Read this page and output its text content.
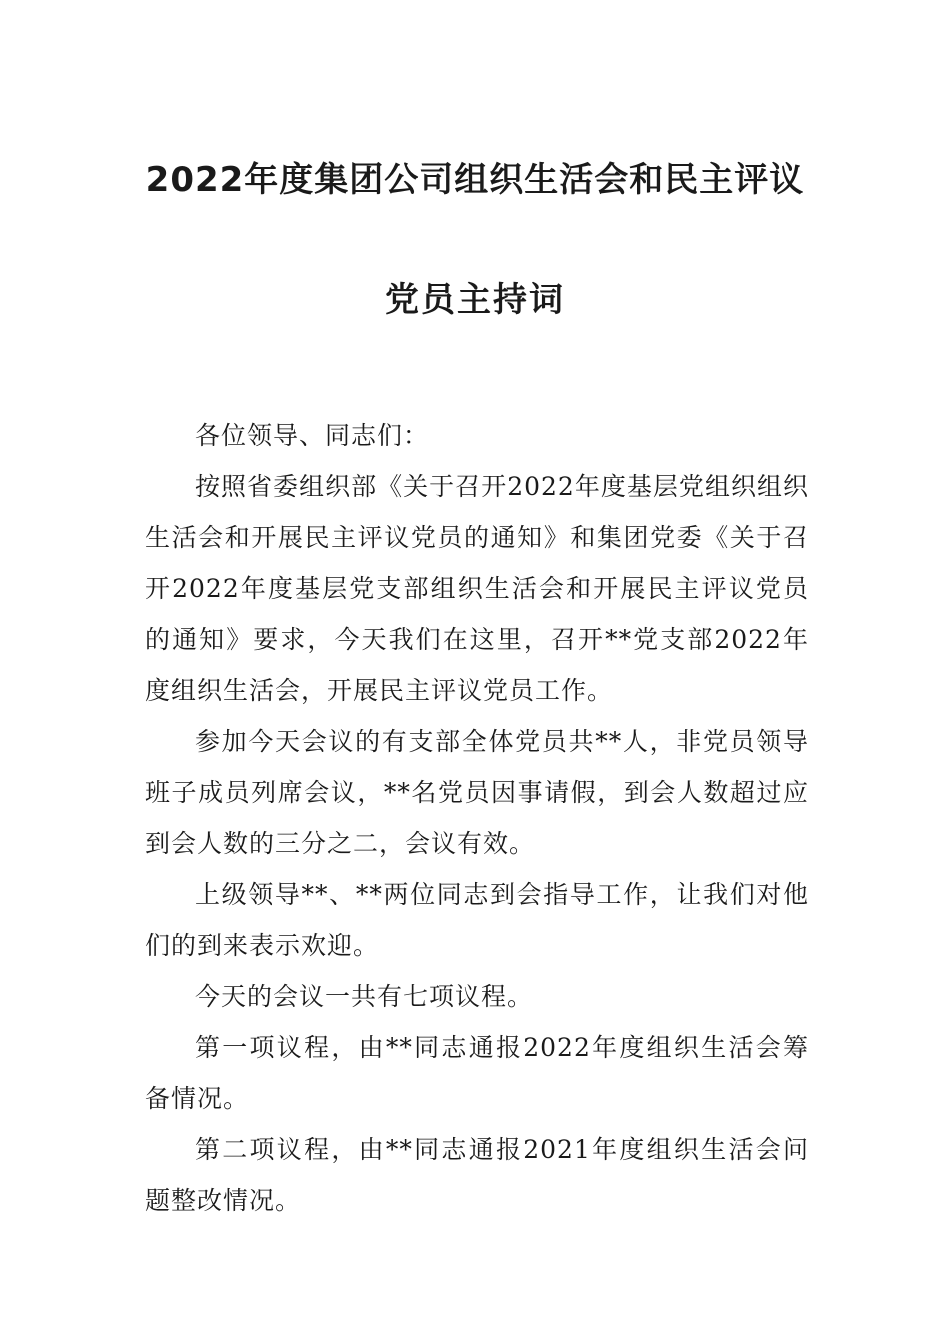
2022年度集团公司组织生活会和民主评议
党员主持词

各位领导、同志们：

按照省委组织部《关于召开2022年度基层党组织组织生活会和开展民主评议党员的通知》和集团党委《关于召开2022年度基层党支部组织生活会和开展民主评议党员的通知》要求，今天我们在这里，召开**党支部2022年度组织生活会，开展民主评议党员工作。

参加今天会议的有支部全体党员共**人，非党员领导班子成员列席会议，**名党员因事请假，到会人数超过应到会人数的三分之二，会议有效。

上级领导**、**两位同志到会指导工作，让我们对他们的到来表示欢迎。

今天的会议一共有七项议程。

第一项议程，由**同志通报2022年度组织生活会筹备情况。

第二项议程，由**同志通报2021年度组织生活会问题整改情况。
